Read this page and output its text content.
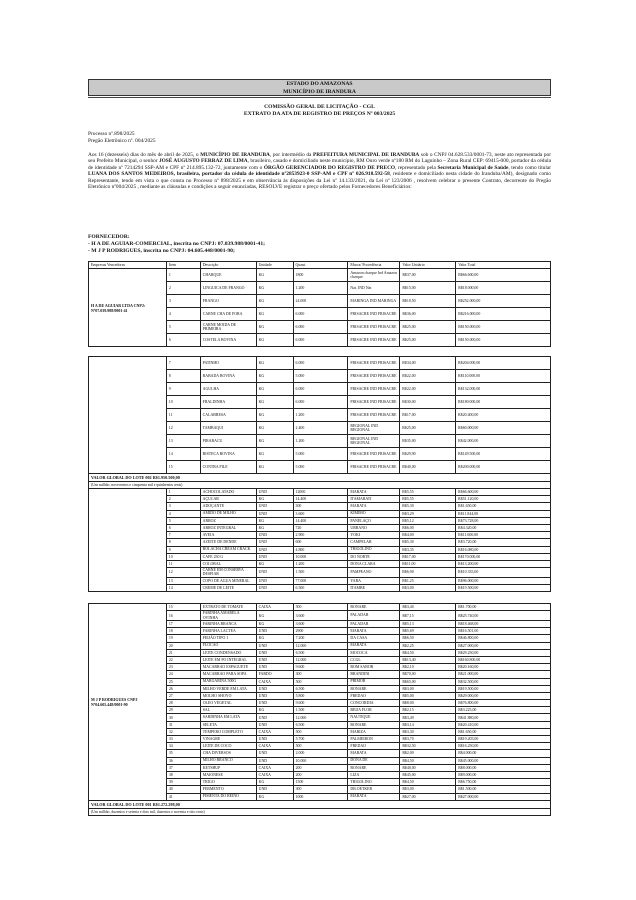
ESTADO DO AMAZONAS
MUNICÍPIO DE IRANDURA
COMISSÃO GERAL DE LICITAÇÃO - CGL
EXTRATO DA ATA DE REGISTRO DE PREÇOS Nº 003/2025
Processo nº.898/2025
Pregão Eletrônico nº. 004/2025
Aos 16 (dezesseis) dias do mês de abril de 2025, o MUNICÍPIO DE IRANDUBA, por intermédio da PREFEITURA MUNICIPAL DE IRANDUBA sob o CNPJ 04.628.533/0001-73, neste ato representada por seu Prefeito Municipal, o senhor JOSÉ AUGUSTO FERRAZ DE LIMA, brasileiro, casado e domiciliado neste município, RM Ouro verde nº180 RM do Laguinho – Zona Rural CEP: 69415-000, portador da cédula de identidade nº 7214294 SSP-AM e CPF nº 214.895.132-72, juntamente com o ÓRGÃO GERENCIADOR DO REGISTRO DE PRECO, representado pela Secretaria Municipal de Saúde, tendo como titular LUANA DOS SANTOS MEDEIROS, brasileira, portador da cédula de identidade nº2853923-0 SSP-AM e CPF nº 026.918.592-58, residente e domiciliado nesta cidade do Iranduba/AM), designado como Representante, tendo em vista o que consta no Processo nº 898/2025 e em observância às disposições da Lei nº 14.133/2021, da Lei nº 123/2006 , resolvem celebrar o presente Contrato, decorrente do Pregão Eletrônico nº004/2025 , mediante as cláusulas e condições a seguir enunciadas, RESOLVE registrar o preço ofertado pelos Fornecedores Beneficiários:
FORNECEDOR:
- H A DE AGUIAR-COMERCIAL, inscrita no CNPJ: 07.039.988/0001-41;
- M J P RODRIGUES, inscrita no CNPJ: 04.605.448/0001-90;
Empresas Vencedoras	Item	Descrição	Unidade	Quant.	Marca/ Procedência	Valor Unitário	Valor Total
H A DE AGUIAR LTDA CNPJ: Nº07.039.988/0001-41	1	CHARQUE	KG	1800	Amazon charque Ind Amazon charque	R$37,00	R$66.600,00
	2	LINGUICA DE FRANGO	KG	1.200	Nat. IND Nat	R$15,00	R$18.000,00
	3	FRANGO	KG	24.000	MARINGA IND MARINGA	R$10,50	R$252.000,00
	4	CARNE CHA DE FORA	KG	6.000	FRISACRE IND FRISACRE	R$36,00	R$216.000,00
	5	CARNE MOIDA DE PRIMEIRA	KG	6.000	FRISACRE IND FRISACRE	R$25,00	R$150.000,00
	6	COSTELA BOVINA	KG	6.000	FRISACRE IND FRISACRE	R$25,00	R$150.000,00
	7	PATINHO	KG	6.000	FRISACRE IND FRISACRE	R$34,00	R$204.000,00
	8	RABADA BOVINA	KG	5.000	FRISACRE IND FRISACRE	R$22,00	R$110.000,00
	9	AGULHA	KG	6.000	FRISACRE IND FRISACRE	R$22,00	R$132.000,00
	10	FRALDINHA	KG	6.000	FRISACRE IND FRISACRE	R$30,00	R$180.000,00
	11	CALABRESA	KG	1.200	FRISACRE IND FRISACRE	R$17,00	R$20.400,00
	12	TAMBAQUI	KG	2.400	REGIONAL IND REGIONAL	R$25,00	R$60.000,00
	13	PIRARACU	KG	1.200	REGIONAL IND REGIONAL	R$35,00	R$42.000,00
	14	BISTECA BOVINA	KG	5.000	FRISACRE IND FRISACRE	R$29,90	R$149.500,00
	15	CONTRA FILE	KG	5.000	FRISACRE IND FRISACRE	R$40,00	R$200.000,00
VALOR GLOBAL DO LOTE 002 R$1.950.500,00							
(Um milhão, novecentos e cinquenta mil e quinhentos reais)							
	1	ACHOCOLATADO	UND	12000	MARATA	R$5,55	R$66.600,00
	2	AÇUCAR	KG	14.400	ITAMARATI	R$5,55	R$51.120,00
	3	ADOÇANTE	UND	300	MARATA	R$5,30	R$1.650,00
	4	AMIDO DE MILHO	UND	3.600	KIMIMO	R$3,29	R$11.844,00
	5	ARROZ	KG	14.400	PANELAÇO	R$5,12	R$73.728,00
	6	ARROZ INTEGRAL	KG	720	URBANO	R$6,00	R$4.320,00
	7	AVEIA	UND	2.900	YOKI	R$4,00	R$11.600,00
	8	AZEITE DE DENDE	UND	600	CAMPELAR	R$5,30	R$3.720,00
	9	BOLACHA CREAM CRACK	UND	4.800	TRIGOLINO	R$3,35	R$16.080,00
	10	CAFE 250 G	UND	10.000	DO NORTE	R$17,00	R$170.000,00
	11	COLORAL	KG	1.200	DONA CLARA	R$11,00	R$13.200,00
	12	CARNE EM CONSERVA DESFIAR	UND	1.500	PAMPEANO	R$6,90	R$10.335,00
	13	COPO DE AGUA MINERAL	UND	77.000	YARA	R$1,25	R$96.000,00
	14	CREME DE LEITE	UND	6.500	ITAMBE	R$3,00	R$19.500,00
M J P RODRIGUES CNPJ Nº04.605.448/0001-90	15	EXTRATO DE TOMATE	CAIXA	500	BONARE	R$3,40	R$1.700,00
	16	FARINHA AMARELA OVINHA	KG	3.600	PALADAR	R$7,15	R$25.740,00
	17	FARINHA BRANCA	KG	3.600	PALADAR	R$5,13	R$18.468,00
	18	FARINHA LACTEA	UND	2900	MARATA	R$5,69	R$16.501,00
	19	FEIJÃO TIPO 1	KG	7.200	DA CASA	R$6,50	R$46.800,00
	20	FLOCÃO	UND	12.000	MARATA	R$2,25	R$27.000,00
	21	LEITE CONDENSADO	UND	6.500	MOCOCA	R$4,50	R$29.250,00
	22	LEITE EM PO INTEGRAL	UND	12.000	CCGL	R$13,40	R$160.800,00
	23	MACARRAO ESPAGUETE	UND	9.600	BOM SABOR	R$2,10	R$20.160,00
	24	MACARRAO PARA SOPA	FARDO	300	BRANDINI	R$70,00	R$21.000,00
	25	MARGARINA 500G	CAIXA	500	PRIMOR	R$65,00	R$32.500,00
	26	MILHO VERDE EM LATA	UND	6.500	BONARE	R$3,00	R$19.500,00
	27	MOLHO SHOYO	UND	5.800	FREDAO	R$5,00	R$29.000,00
	28	OLEO VEGETAL	UND	9.600	CONCORDIA	R$8,00	R$76.800,00
	29	SAL	KG	1.500	BEIJA FLOR	R$2,15	R$3.225,00
	30	SARDINHA EM LATA	UND	12.000	NAUTIQUE	R$3,49	R$41.880,00
	31	SELETA	UND	6.500	BONARE	R$3,14	R$20.410,00
	32	TEMPERO COMPLETO	CAIXA	500	MARIZA	R$3,30	R$1.650,00
	33	VINAGRE	UND	5.700	PALMEIRON	R$3,70	R$19.205,00
	34	LEITE DE COCO	CAIXA	500	FREDAO	R$32,50	R$16.250,00
	35	CHA DIVERSOS	UND	2.000	MARATA	R$2,00	R$4.000,00
	36	MILHO BRANCO	UND	10.000	DONA DE	R$4,50	R$45.000,00
	37	KETSHUP	CAIXA	200	BONARE	R$40,00	R$8.000,00
	38	MAIONESE	CAIXA	200	LIZA	R$45,00	R$9.000,00
	39	TRIGO	KG	1500	TRIGOLINO	R$4,50	R$6.750,00
	40	FERMENTO	UND	300	DR.OETKER	R$3,00	R$1.500,00
	41	PIMENTA DO REINO	KG	1000	MARATA	R$27,00	R$27.000,00
VALOR GLOBAL DO LOTE 001 R$1.272.298,00							
(Um milhão, duzentos e setenta e dois mil, duzentos e noventa e oito reais)							
